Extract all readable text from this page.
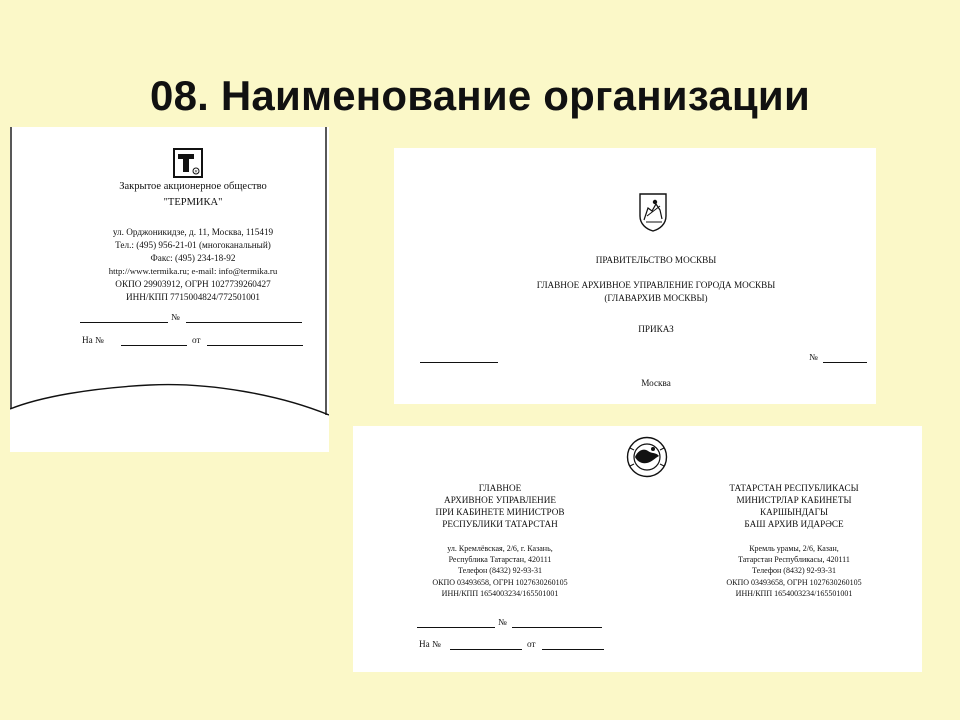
08. Наименование организации
R
Закрытое акционерное общество
"ТЕРМИКА"
ул. Орджоникидзе, д. 11, Москва, 115419
Тел.: (495) 956-21-01 (многоканальный)
Факс: (495) 234-18-92
http://www.termika.ru; e-mail: info@termika.ru
ОКПО 29903912, ОГРН 1027739260427
ИНН/КПП 7715004824/772501001
№
На №	от
ПРАВИТЕЛЬСТВО МОСКВЫ
ГЛАВНОЕ АРХИВНОЕ УПРАВЛЕНИЕ ГОРОДА МОСКВЫ
(ГЛАВАРХИВ МОСКВЫ)
ПРИКАЗ
№
Москва
ГЛАВНОЕ
АРХИВНОЕ УПРАВЛЕНИЕ
ПРИ КАБИНЕТЕ МИНИСТРОВ
РЕСПУБЛИКИ ТАТАРСТАН
ул. Кремлёвская, 2/6, г. Казань,
Республика Татарстан, 420111
Телефон (8432) 92-93-31
ОКПО 03493658, ОГРН 1027630260105
ИНН/КПП 1654003234/165501001
ТАТАРСТАН РЕСПУБЛИКАСЫ
МИНИСТРЛАР КАБИНЕТЫ
КАРШЫНДАГЫ
БАШ АРХИВ ИДАРӘСЕ
Кремль урамы, 2/6, Казан,
Татарстан Республикасы, 420111
Телефон (8432) 92-93-31
ОКПО 03493658, ОГРН 1027630260105
ИНН/КПП 1654003234/165501001
№
На №	от
